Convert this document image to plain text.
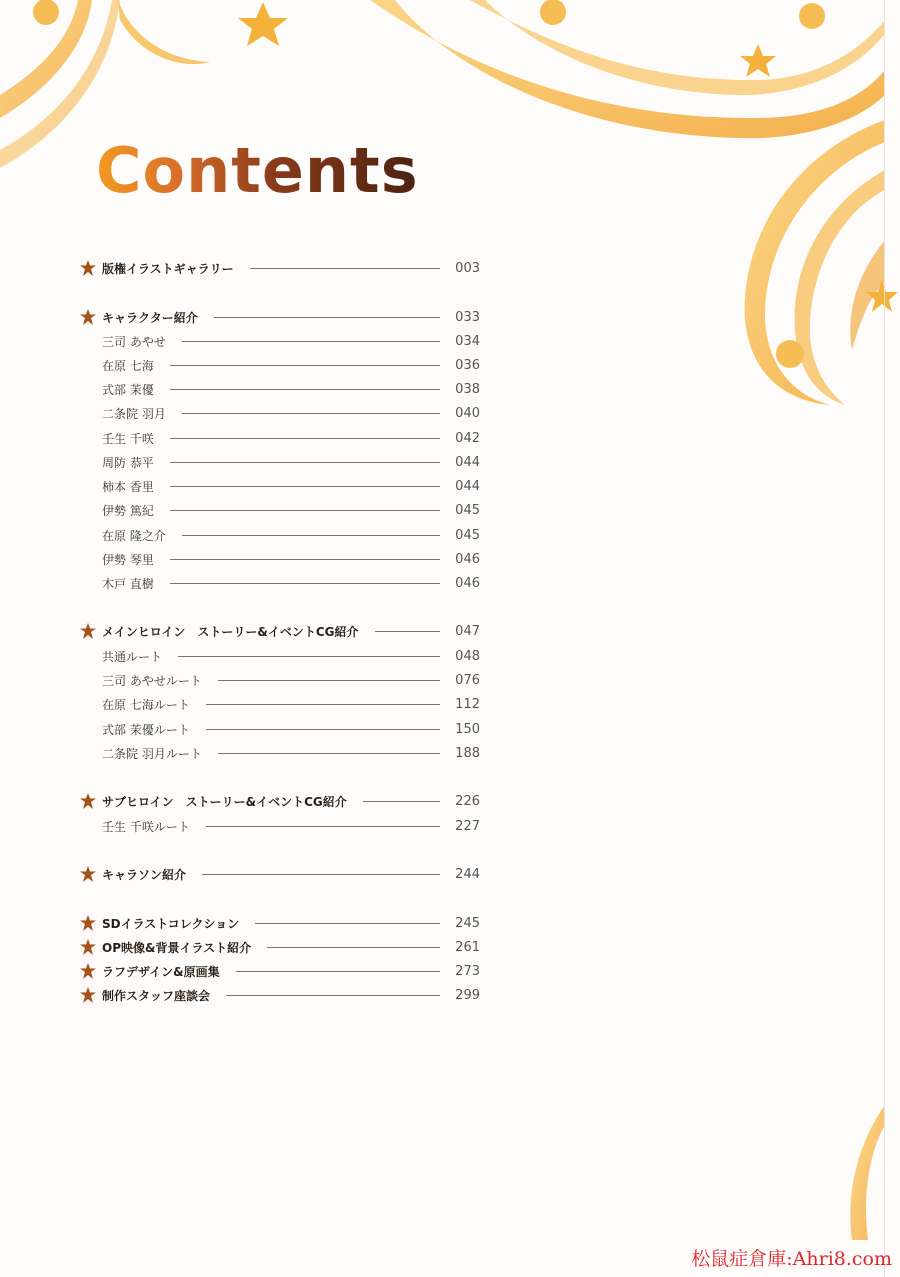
Contents
版権イラストギャラリー	003
キャラクター紹介	033
三司 あやせ	034
在原 七海	036
式部 茉優	038
二条院 羽月	040
壬生 千咲	042
周防 恭平	044
柿本 香里	044
伊勢 篤紀	045
在原 隆之介	045
伊勢 琴里	046
木戸 直樹	046
メインヒロイン　ストーリー&イベントCG紹介	047
共通ルート	048
三司 あやせルート	076
在原 七海ルート	112
式部 茉優ルート	150
二条院 羽月ルート	188
サブヒロイン　ストーリー&イベントCG紹介	226
壬生 千咲ルート	227
キャラソン紹介	244
SDイラストコレクション	245
OP映像&背景イラスト紹介	261
ラフデザイン&原画集	273
制作スタッフ座談会	299
松鼠症倉庫:Ahri8.com
